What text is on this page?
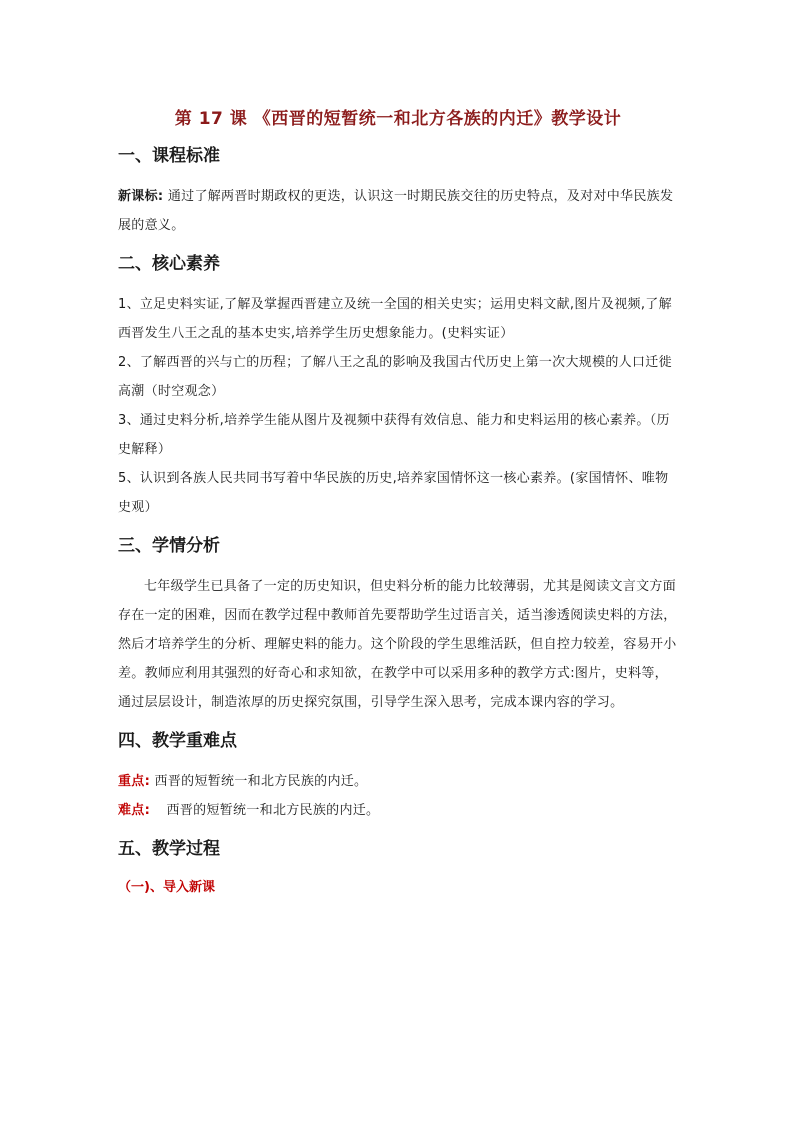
第 17 课 《西晋的短暂统一和北方各族的内迁》教学设计
一、课程标准

新课标: 通过了解两晋时期政权的更迭，认识这一时期民族交往的历史特点，及对对中华民族发展的意义。

二、核心素养

1、立足史料实证,了解及掌握西晋建立及统一全国的相关史实；运用史料文献,图片及视频,了解西晋发生八王之乱的基本史实,培养学生历史想象能力。(史料实证）

2、了解西晋的兴与亡的历程；了解八王之乱的影响及我国古代历史上第一次大规模的人口迁徙高潮（时空观念）

3、通过史料分析,培养学生能从图片及视频中获得有效信息、能力和史料运用的核心素养。（历史解释）

5、认识到各族人民共同书写着中华民族的历史,培养家国情怀这一核心素养。(家国情怀、唯物史观）

三、学情分析

七年级学生已具备了一定的历史知识，但史料分析的能力比较薄弱，尤其是阅读文言文方面存在一定的困难，因而在教学过程中教师首先要帮助学生过语言关，适当渗透阅读史料的方法，然后才培养学生的分析、理解史料的能力。这个阶段的学生思维活跃，但自控力较差，容易开小差。教师应利用其强烈的好奇心和求知欲，在教学中可以采用多种的教学方式:图片，史料等，通过层层设计，制造浓厚的历史探究氛围，引导学生深入思考，完成本课内容的学习。

四、教学重难点

重点: 西晋的短暂统一和北方民族的内迁。

难点: 西晋的短暂统一和北方民族的内迁。

五、教学过程

（一)、导入新课
